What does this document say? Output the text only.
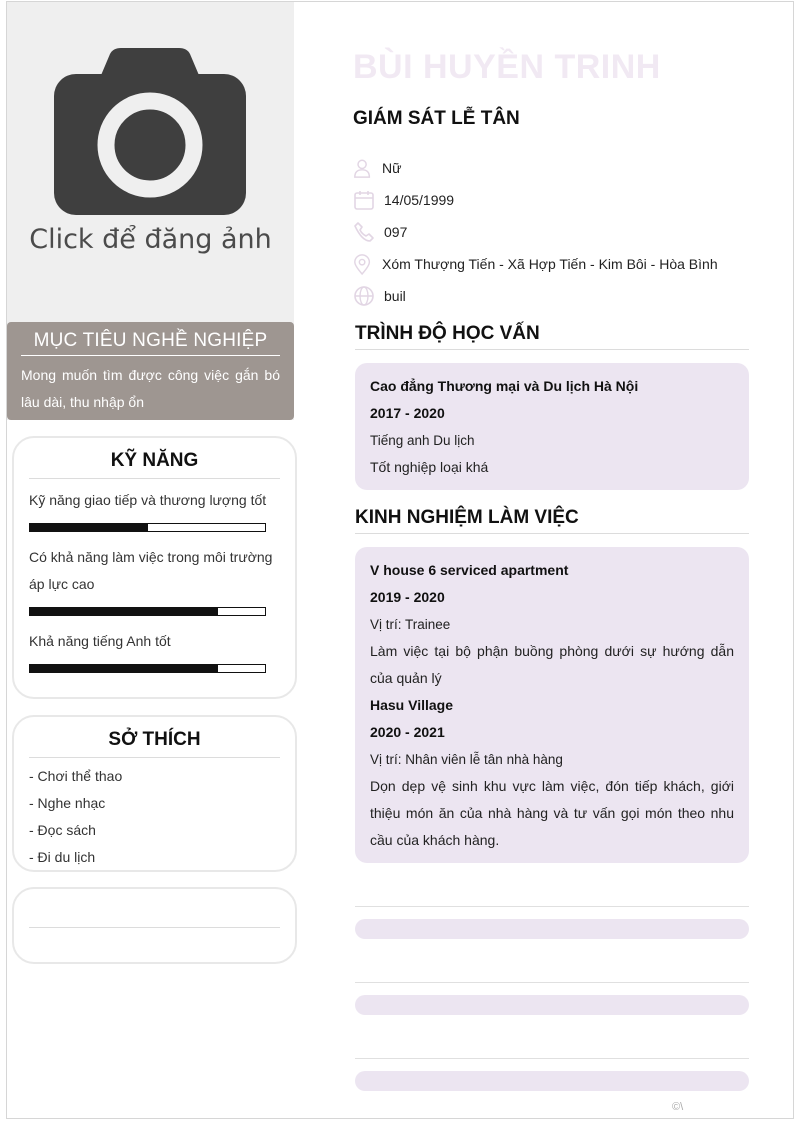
Click để đăng ảnh
MỤC TIÊU NGHỀ NGHIỆP

Mong muốn tìm được công việc gắn bó lâu dài, thu nhập ổn

KỸ NĂNG
Kỹ năng giao tiếp và thương lượng tốt
Có khả năng làm việc trong môi trường áp lực cao
Khả năng tiếng Anh tốt
SỞ THÍCH
- Chơi thể thao
- Nghe nhạc
- Đọc sách
- Đi du lịch
BÙI HUYỀN TRINH
GIÁM SÁT LỄ TÂN
Nữ
14/05/1999
097
Xóm Thượng Tiến - Xã Hợp Tiến - Kim Bôi - Hòa Bình
buil
TRÌNH ĐỘ HỌC VẤN
Cao đẳng Thương mại và Du lịch Hà Nội
2017 - 2020
Tiếng anh Du lịch
Tốt nghiệp loại khá
KINH NGHIỆM LÀM VIỆC
V house 6 serviced apartment
2019 - 2020
Vị trí: Trainee
Làm việc tại bộ phận buồng phòng dưới sự hướng dẫn của quản lý
Hasu Village
2020 - 2021
Vị trí: Nhân viên lễ tân nhà hàng
Dọn dẹp vệ sinh khu vực làm việc, đón tiếp khách, giới thiệu món ăn của nhà hàng và tư vấn gọi món theo nhu cầu của khách hàng.
©\
